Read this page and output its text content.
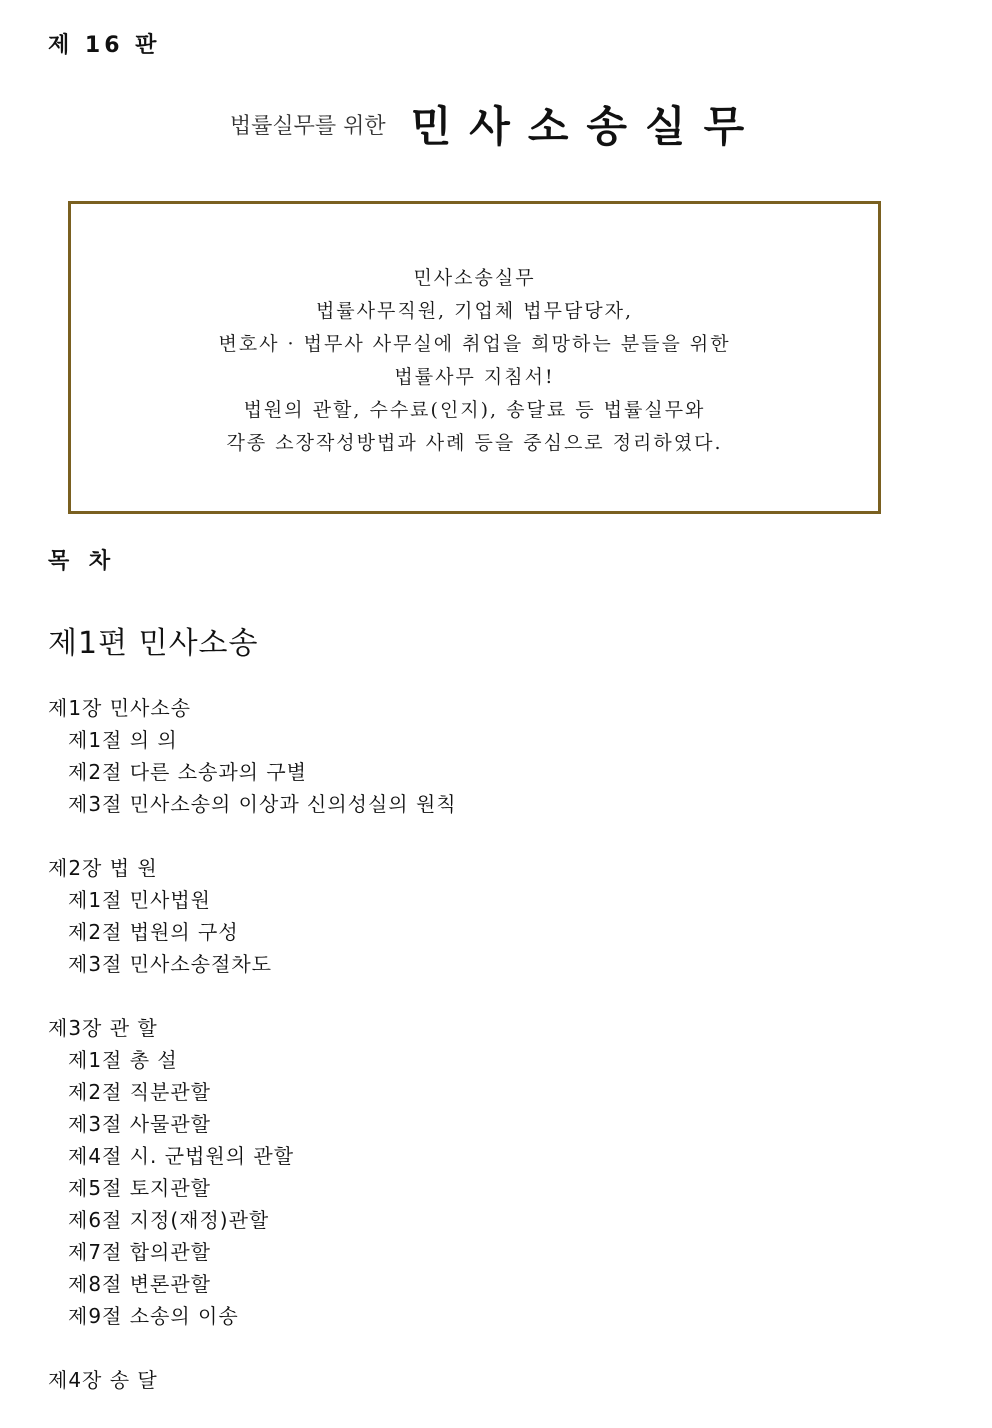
제 16 판
법률실무를 위한 민사소송실무
민사소송실무
법률사무직원, 기업체 법무담당자,
변호사 · 법무사 사무실에 취업을 희망하는 분들을 위한
법률사무 지침서!
법원의 관할, 수수료(인지), 송달료 등 법률실무와
각종 소장작성방법과 사례 등을 중심으로 정리하였다.
목 차
제1편 민사소송
제1장 민사소송
제1절 의 의
제2절 다른 소송과의 구별
제3절 민사소송의 이상과 신의성실의 원칙
제2장 법 원
제1절 민사법원
제2절 법원의 구성
제3절 민사소송절차도
제3장 관 할
제1절 총 설
제2절 직분관할
제3절 사물관할
제4절 시. 군법원의 관할
제5절 토지관할
제6절 지정(재정)관할
제7절 합의관할
제8절 변론관할
제9절 소송의 이송
제4장 송 달
